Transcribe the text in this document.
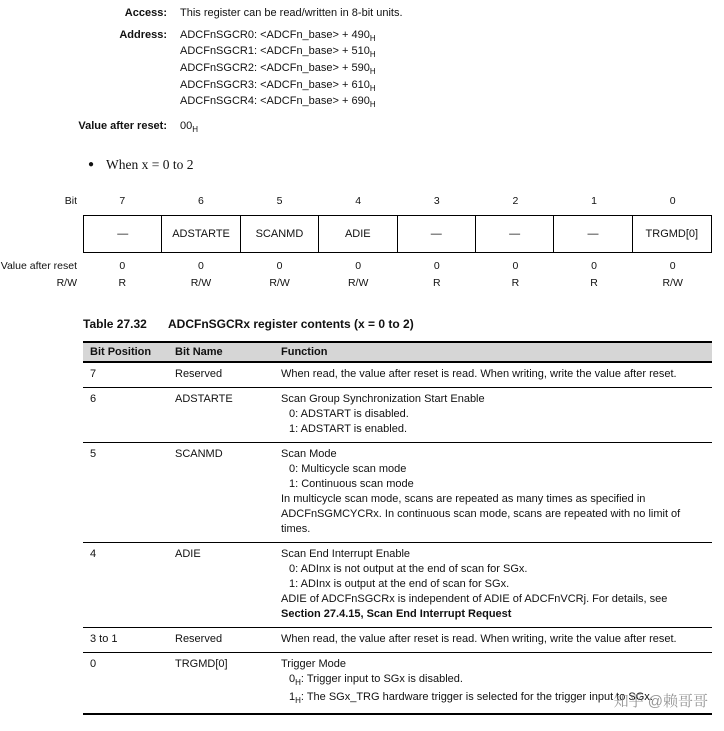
Access:	This register can be read/written in 8-bit units.
Address:	ADCFnSGCR0: <ADCFn_base> + $490_H$
ADCFnSGCR1: <ADCFn_base> + $510_H$
ADCFnSGCR2: <ADCFn_base> + $590_H$
ADCFnSGCR3: <ADCFn_base> + $610_H$
ADCFnSGCR4: <ADCFn_base> + $690_H$
Value after reset:	$00_H$
● When x = 0 to 2
Bit	7	6	5	4	3	2	1	0
—	ADSTARTE	SCANMD	ADIE	—	—	—	TRGMD[0]
Value after reset	0	0	0	0	0	0	0	0
R/W	R	R/W	R/W	R/W	R	R	R	R/W
Table 27.32	ADCFnSGCRx register contents (x = 0 to 2)
Bit Position	Bit Name	Function
7	Reserved	When read, the value after reset is read. When writing, write the value after reset.

6	ADSTARTE	Scan Group Synchronization Start Enable
0: ADSTART is disabled.
1: ADSTART is enabled.

5	SCANMD	Scan Mode
0: Multicycle scan mode
1: Continuous scan mode
In multicycle scan mode, scans are repeated as many times as specified in ADCFnSGMCYCRx. In continuous scan mode, scans are repeated with no limit of times.

4	ADIE	Scan End Interrupt Enable
0: ADInx is not output at the end of scan for SGx.
1: ADInx is output at the end of scan for SGx.
ADIE of ADCFnSGCRx is independent of ADIE of ADCFnVCRj. For details, see Section 27.4.15, Scan End Interrupt Request

3 to 1	Reserved	When read, the value after reset is read. When writing, write the value after reset.

0	TRGMD[0]	Trigger Mode
$0_H$: Trigger input to SGx is disabled.
$1_H$: The SGx_TRG hardware trigger is selected for the trigger input to SGx.
知乎 @赖哥哥
